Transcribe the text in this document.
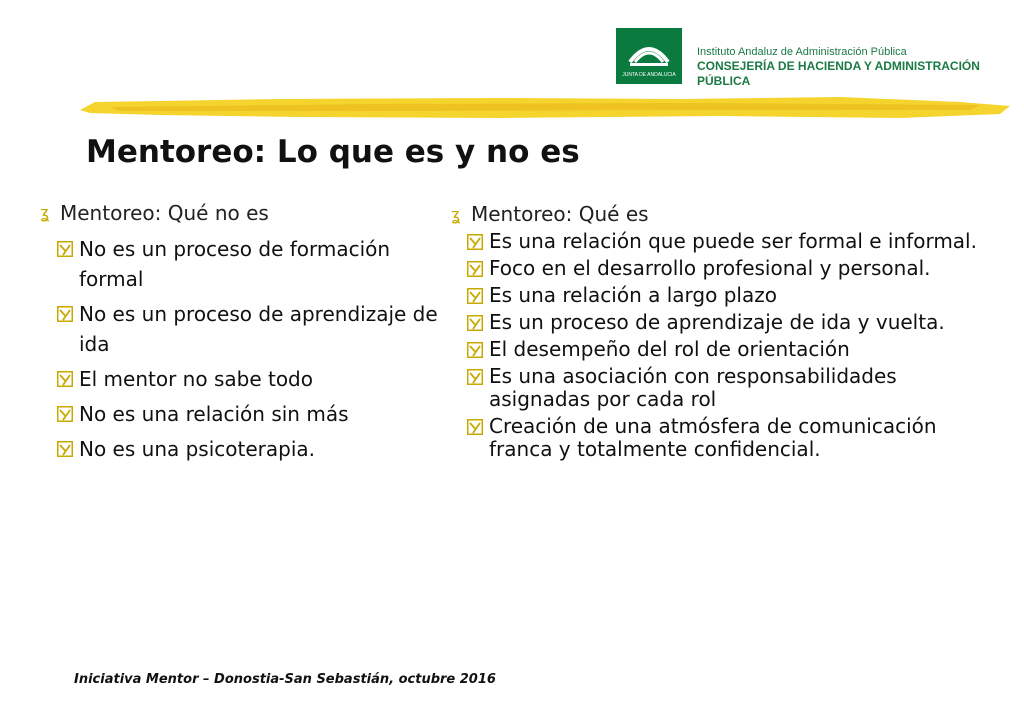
JUNTA DE ANDALUCIA
Instituto Andaluz de Administración Pública
CONSEJERÍA DE HACIENDA Y ADMINISTRACIÓN PÚBLICA
Mentoreo: Lo que es y no es
ʓ Mentoreo: Qué no es
No es un proceso de formación formal
No es un proceso de aprendizaje de ida
El mentor no sabe todo
No es una relación sin más
No es una psicoterapia.
ʓ Mentoreo: Qué es
Es una relación que puede ser formal e informal.
Foco en el desarrollo profesional y personal.
Es una relación a largo plazo
Es un proceso de aprendizaje de ida y vuelta.
El desempeño del rol de orientación
Es una asociación con responsabilidades asignadas por cada rol
Creación de una atmósfera de comunicación franca y totalmente confidencial.
Iniciativa Mentor – Donostia-San Sebastián, octubre 2016
